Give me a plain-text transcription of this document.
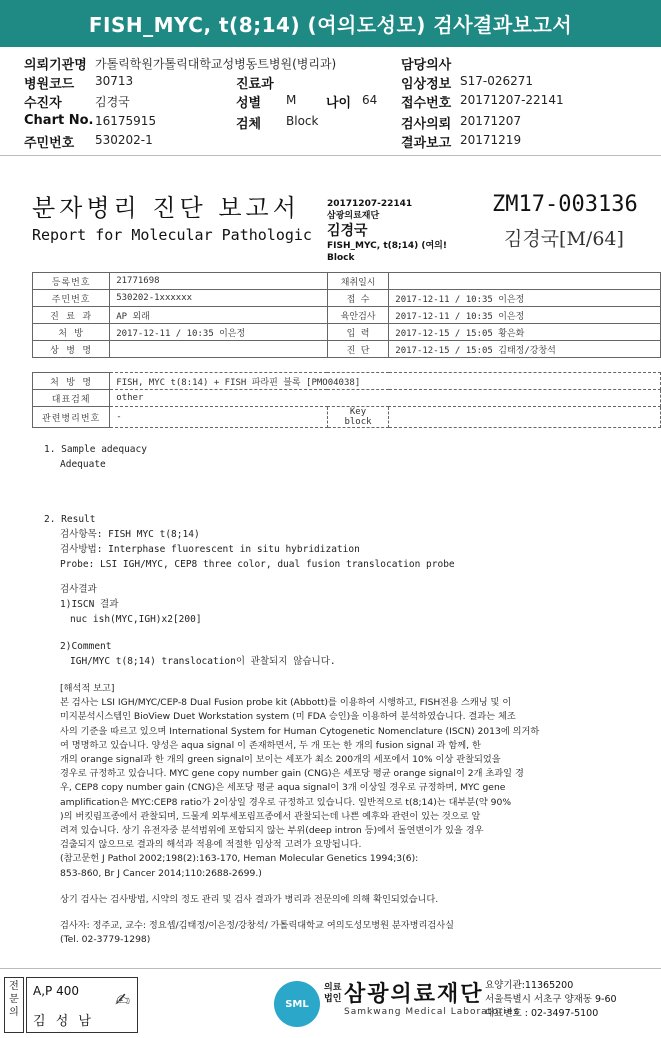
FISH_MYC, t(8;14) (여의도성모) 검사결과보고서
의뢰기관명 가톨릭학원가톨릭대학교성병동트병원(병리과)	담당의사
병원코드 30713	진료과	임상정보 S17-026271
수진자	김경국	성별 M 나이 64 접수번호 20171207-22141
Chart No. 16175915	검체 Block	검사의뢰 20171207
주민번호 530202-1	결과보고 20171219
분자병리 진단 보고서
Report for Molecular Pathologic
20171207-22141
삼광의료재단
김경국
FISH_MYC, t(8;14) (여의!
Block
ZM17-003136
김경국[M/64]
등록번호	21771698	채취일시	
주민번호	530202-1xxxxxx	접 수	2017-12-11 / 10:35 이은정
진 료 과	AP 외래	육안검사	2017-12-11 / 10:35 이은정
처 방	2017-12-11 / 10:35 이은정	입 력	2017-12-15 / 15:05 황은화
상 병 명		진 단	2017-12-15 / 15:05 김태정/강창석
처 방 명	FISH, MYC t(8:14) + FISH 파라핀 블록 [PMO04038]		
대표검체	other		
관련병리번호	-	Key block	
1. Sample adequacy
Adequate
2. Result
검사항목: FISH MYC t(8;14)
검사방법: Interphase fluorescent in situ hybridization
Probe: LSI IGH/MYC, CEP8 three color, dual fusion translocation probe
검사결과
1)ISCN 결과
nuc ish(MYC,IGH)x2[200]
2)Comment
IGH/MYC t(8;14) translocation이 관찰되지 않습니다.
[해석적 보고]
본 검사는 LSI IGH/MYC/CEP-8 Dual Fusion probe kit (Abbott)를 이용하여 시행하고, FISH전용 스캐닝 및 이
미지분석시스템인 BioView Duet Workstation system (미 FDA 승인)을 이용하여 분석하였습니다. 결과는 체조
사의 기준을 따르고 있으며 International System for Human Cytogenetic Nomenclature (ISCN) 2013에 의거하
여 명명하고 있습니다. 양성은 aqua signal 이 존재하면서, 두 개 또는 한 개의 fusion signal 과 함께, 한
개의 orange signal과 한 개의 green signal이 보이는 세포가 최소 200개의 세포에서 10% 이상 관찰되었을
경우로 규정하고 있습니다. MYC gene copy number gain (CNG)은 세포당 평균 orange signal이 2개 초과일 경
우, CEP8 copy number gain (CNG)은 세포당 평균 aqua signal이 3개 이상일 경우로 규정하며, MYC gene
amplification은 MYC:CEP8 ratio가 2이상일 경우로 규정하고 있습니다. 일반적으로 t(8;14)는 대부분(약 90%
)의 버킷림프종에서 관찰되며, 드물게 외투세포림프종에서 관찰되는데 나쁜 예후와 관련이 있는 것으로 알
려져 있습니다. 상기 유전자중 분석범위에 포함되지 않는 부위(deep intron 등)에서 돌연변이가 있을 경우
검출되지 않으므로 결과의 해석과 적용에 적절한 임상적 고려가 요망됩니다.
(참고문헌 J Pathol 2002;198(2):163-170, Heman Molecular Genetics 1994;3(6):
853-860, Br J Cancer 2014;110:2688-2699.)
상기 검사는 검사방법, 시약의 정도 관리 및 검사 결과가 병리과 전문의에 의해 확인되었습니다.
검사자: 정주교, 교수: 정요셉/김태정/이은정/강창석/ 가톨릭대학교 여의도성모병원 분자병리검사실
(Tel. 02-3779-1298)
전문의
A,P 400
김 성 남
✍	SML
의료
법인 삼광의료재단
Samkwang Medical Laboratories
요양기관:11365200
서울특별시 서초구 양재동 9-60
대표번호 : 02-3497-5100
